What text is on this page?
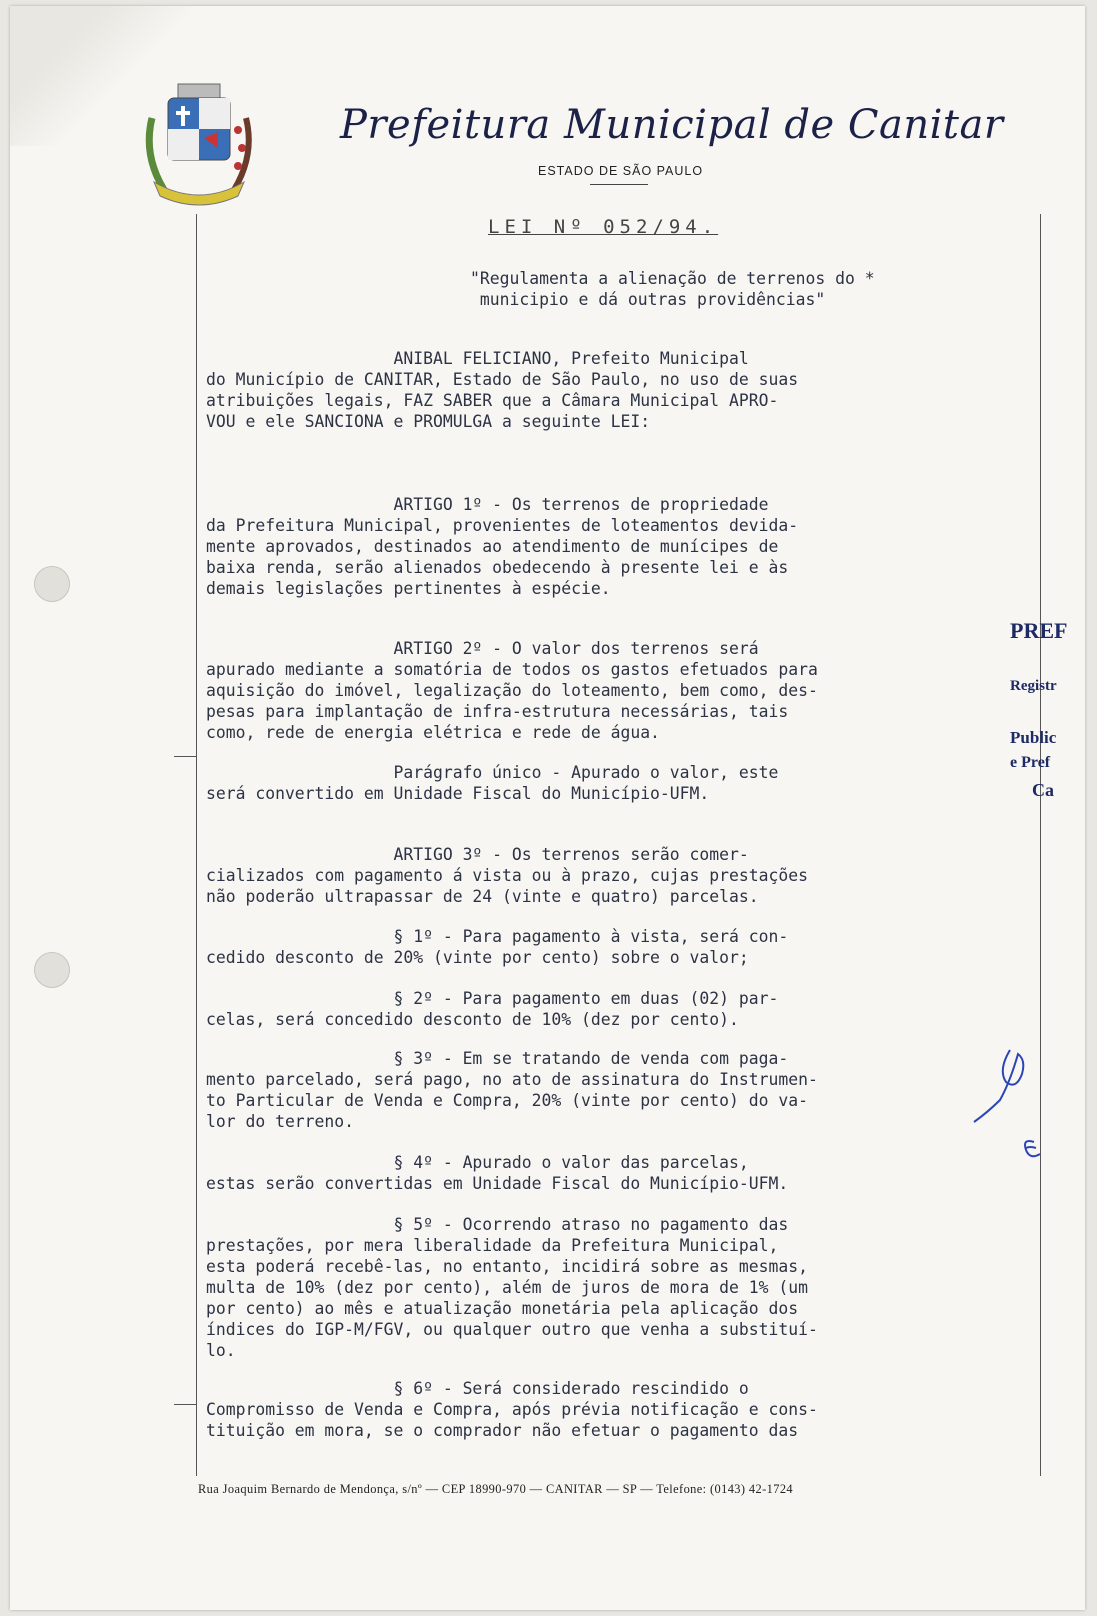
Prefeitura Municipal de Canitar
ESTADO DE SÃO PAULO
LEI Nº 052/94.
"Regulamenta a alienação de terrenos do *
municipio e dá outras providências"
ANIBAL FELICIANO, Prefeito Municipal
do Município de CANITAR, Estado de São Paulo, no uso de suas
atribuições legais, FAZ SABER que a Câmara Municipal APRO-
VOU e ele SANCIONA e PROMULGA a seguinte LEI:
ARTIGO 1º - Os terrenos de propriedade
da Prefeitura Municipal, provenientes de loteamentos devida-
mente aprovados, destinados ao atendimento de munícipes de
baixa renda, serão alienados obedecendo à presente lei e às
demais legislações pertinentes à espécie.
ARTIGO 2º - O valor dos terrenos será
apurado mediante a somatória de todos os gastos efetuados para
aquisição do imóvel, legalização do loteamento, bem como, des-
pesas para implantação de infra-estrutura necessárias, tais
como, rede de energia elétrica e rede de água.
Parágrafo único - Apurado o valor, este
será convertido em Unidade Fiscal do Município-UFM.
ARTIGO 3º - Os terrenos serão comer-
cializados com pagamento á vista ou à prazo, cujas prestações
não poderão ultrapassar de 24 (vinte e quatro) parcelas.
§ 1º - Para pagamento à vista, será con-
cedido desconto de 20% (vinte por cento) sobre o valor;
§ 2º - Para pagamento em duas (02) par-
celas, será concedido desconto de 10% (dez por cento).
§ 3º - Em se tratando de venda com paga-
mento parcelado, será pago, no ato de assinatura do Instrumen-
to Particular de Venda e Compra, 20% (vinte por cento) do va-
lor do terreno.
§ 4º - Apurado o valor das parcelas,
estas serão convertidas em Unidade Fiscal do Município-UFM.
§ 5º - Ocorrendo atraso no pagamento das
prestações, por mera liberalidade da Prefeitura Municipal,
esta poderá recebê-las, no entanto, incidirá sobre as mesmas,
multa de 10% (dez por cento), além de juros de mora de 1% (um
por cento) ao mês e atualização monetária pela aplicação dos
índices do IGP-M/FGV, ou qualquer outro que venha a substituí-
lo.
§ 6º - Será considerado rescindido o
Compromisso de Venda e Compra, após prévia notificação e cons-
tituição em mora, se o comprador não efetuar o pagamento das
PREF
Registr
Public
e Pref
Ca
Rua Joaquim Bernardo de Mendonça, s/nº — CEP 18990-970 — CANITAR — SP — Telefone: (0143) 42-1724
